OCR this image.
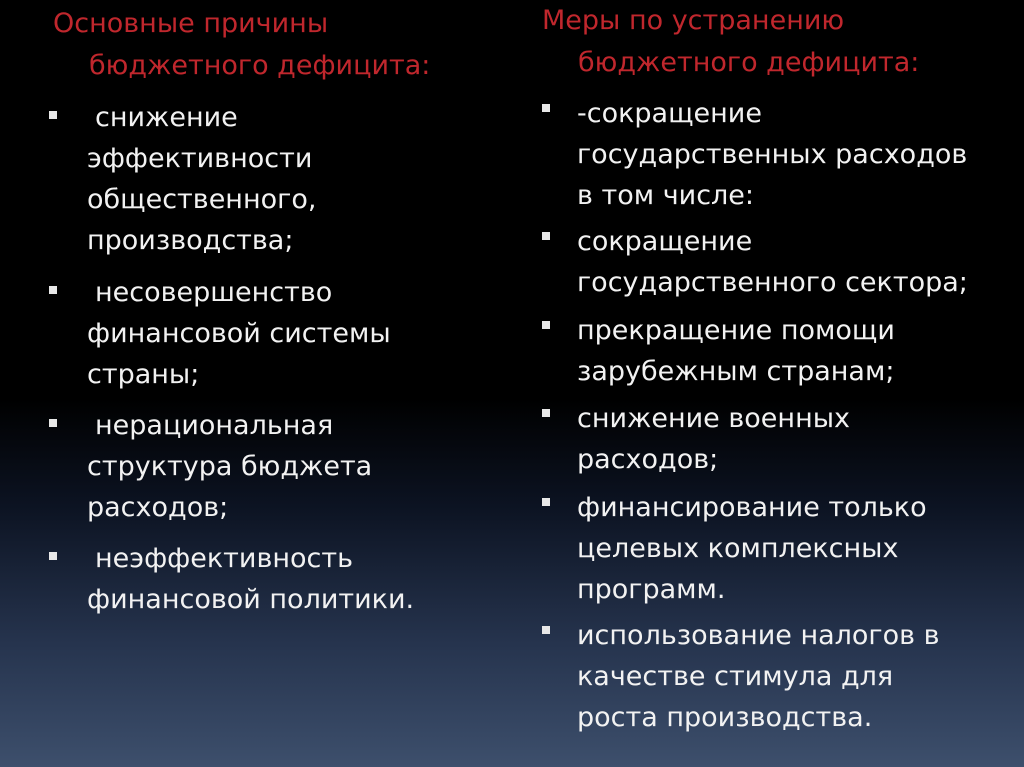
Основные причины
бюджетного дефицита:
снижение
эффективности
общественного,
производства;
несовершенство
финансовой системы
страны;
нерациональная
структура бюджета
расходов;
неэффективность
финансовой политики.
Меры по устранению
бюджетного дефицита:
-сокращение
государственных расходов
в том числе:
сокращение
государственного сектора;
прекращение помощи
зарубежным странам;
снижение военных
расходов;
финансирование только
целевых комплексных
программ.
использование налогов в
качестве стимула для
роста производства.
